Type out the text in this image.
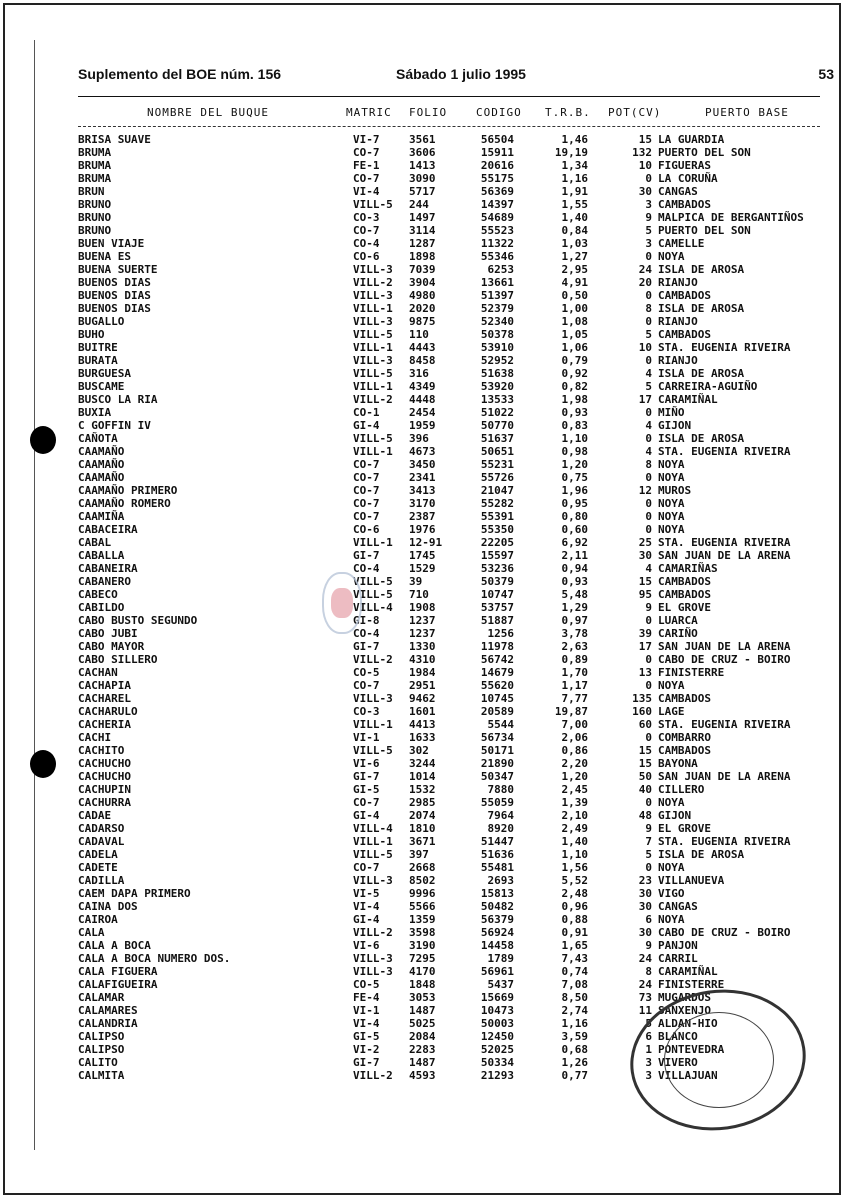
Suplemento del BOE núm. 156	Sábado 1 julio 1995	53
NOMBRE DEL BUQUE	MATRIC FOLIO	CODIGO T.R.B. POT(CV)	PUERTO BASE
BRISA SUAVE	VI-7	3561	56504	1,46	15 LA GUARDIA
BRUMA	CO-7	3606	15911	19,19	132 PUERTO DEL SON
BRUMA	FE-1	1413	20616	1,34	10 FIGUERAS
BRUMA	CO-7	3090	55175	1,16	0 LA CORUÑA
BRUN	VI-4	5717	56369	1,91	30 CANGAS
BRUNO	VILL-5 244	14397	1,55	3 CAMBADOS
BRUNO	CO-3	1497	54689	1,40	9 MALPICA DE BERGANTIÑOS
BRUNO	CO-7	3114	55523	0,84	5 PUERTO DEL SON
BUEN VIAJE	CO-4	1287	11322	1,03	3 CAMELLE
BUENA ES	CO-6	1898	55346	1,27	0 NOYA
BUENA SUERTE	VILL-3 7039	6253	2,95	24 ISLA DE AROSA
BUENOS DIAS	VILL-2 3904	13661	4,91	20 RIANJO
BUENOS DIAS	VILL-3 4980	51397	0,50	0 CAMBADOS
BUENOS DIAS	VILL-1 2020	52379	1,00	8 ISLA DE AROSA
BUGALLO	VILL-3 9875	52340	1,08	0 RIANJO
BUHO	VILL-5 110	50378	1,05	5 CAMBADOS
BUITRE	VILL-1 4443	53910	1,06	10 STA. EUGENIA RIVEIRA
BURATA	VILL-3 8458	52952	0,79	0 RIANJO
BURGUESA	VILL-5 316	51638	0,92	4 ISLA DE AROSA
BUSCAME	VILL-1 4349	53920	0,82	5 CARREIRA-AGUIÑO
BUSCO LA RIA	VILL-2 4448	13533	1,98	17 CARAMIÑAL
BUXIA	CO-1	2454	51022	0,93	0 MIÑO
C GOFFIN IV	GI-4	1959	50770	0,83	4 GIJON
CAÑOTA	VILL-5 396	51637	1,10	0 ISLA DE AROSA
CAAMAÑO	VILL-1 4673	50651	0,98	4 STA. EUGENIA RIVEIRA
CAAMAÑO	CO-7	3450	55231	1,20	8 NOYA
CAAMAÑO	CO-7	2341	55726	0,75	0 NOYA
CAAMAÑO PRIMERO	CO-7	3413	21047	1,96	12 MUROS
CAAMAÑO ROMERO	CO-7	3170	55282	0,95	0 NOYA
CAAMIÑA	CO-7	2387	55391	0,80	0 NOYA
CABACEIRA	CO-6	1976	55350	0,60	0 NOYA
CABAL	VILL-1 12-91	22205	6,92	25 STA. EUGENIA RIVEIRA
CABALLA	GI-7	1745	15597	2,11	30 SAN JUAN DE LA ARENA
CABANEIRA	CO-4	1529	53236	0,94	4 CAMARIÑAS
CABANERO	VILL-5 39	50379	0,93	15 CAMBADOS
CABECO	VILL-5 710	10747	5,48	95 CAMBADOS
CABILDO	VILL-4 1908	53757	1,29	9 EL GROVE
CABO BUSTO SEGUNDO	GI-8	1237	51887	0,97	0 LUARCA
CABO JUBI	CO-4	1237	1256	3,78	39 CARIÑO
CABO MAYOR	GI-7	1330	11978	2,63	17 SAN JUAN DE LA ARENA
CABO SILLERO	VILL-2 4310	56742	0,89	0 CABO DE CRUZ - BOIRO
CACHAN	CO-5	1984	14679	1,70	13 FINISTERRE
CACHAPIA	CO-7	2951	55620	1,17	0 NOYA
CACHAREL	VILL-3 9462	10745	7,77	135 CAMBADOS
CACHARULO	CO-3	1601	20589	19,87	160 LAGE
CACHERIA	VILL-1 4413	5544	7,00	60 STA. EUGENIA RIVEIRA
CACHI	VI-1	1633	56734	2,06	0 COMBARRO
CACHITO	VILL-5 302	50171	0,86	15 CAMBADOS
CACHUCHO	VI-6	3244	21890	2,20	15 BAYONA
CACHUCHO	GI-7	1014	50347	1,20	50 SAN JUAN DE LA ARENA
CACHUPIN	GI-5	1532	7880	2,45	40 CILLERO
CACHURRA	CO-7	2985	55059	1,39	0 NOYA
CADAE	GI-4	2074	7964	2,10	48 GIJON
CADARSO	VILL-4 1810	8920	2,49	9 EL GROVE
CADAVAL	VILL-1 3671	51447	1,40	7 STA. EUGENIA RIVEIRA
CADELA	VILL-5 397	51636	1,10	5 ISLA DE AROSA
CADETE	CO-7	2668	55481	1,56	0 NOYA
CADILLA	VILL-3 8502	2693	5,52	23 VILLANUEVA
CAEM DAPA PRIMERO	VI-5	9996	15813	2,48	30 VIGO
CAINA DOS	VI-4	5566	50482	0,96	30 CANGAS
CAIROA	GI-4	1359	56379	0,88	6 NOYA
CALA	VILL-2 3598	56924	0,91	30 CABO DE CRUZ - BOIRO
CALA A BOCA	VI-6	3190	14458	1,65	9 PANJON
CALA A BOCA NUMERO DOS.	VILL-3 7295	1789	7,43	24 CARRIL
CALA FIGUERA	VILL-3 4170	56961	0,74	8 CARAMIÑAL
CALAFIGUEIRA	CO-5	1848	5437	7,08	24 FINISTERRE
CALAMAR	FE-4	3053	15669	8,50	73 MUGARDOS
CALAMARES	VI-1	1487	10473	2,74	11 SANXENJO
CALANDRIA	VI-4	5025	50003	1,16	5 ALDAN-HIO
CALIPSO	GI-5	2084	12450	3,59	6 BLANCO
CALIPSO	VI-2	2283	52025	0,68	1 PONTEVEDRA
CALITO	GI-7	1487	50334	1,26	3 VIVERO
CALMITA	VILL-2 4593	21293	0,77	3 VILLAJUAN
